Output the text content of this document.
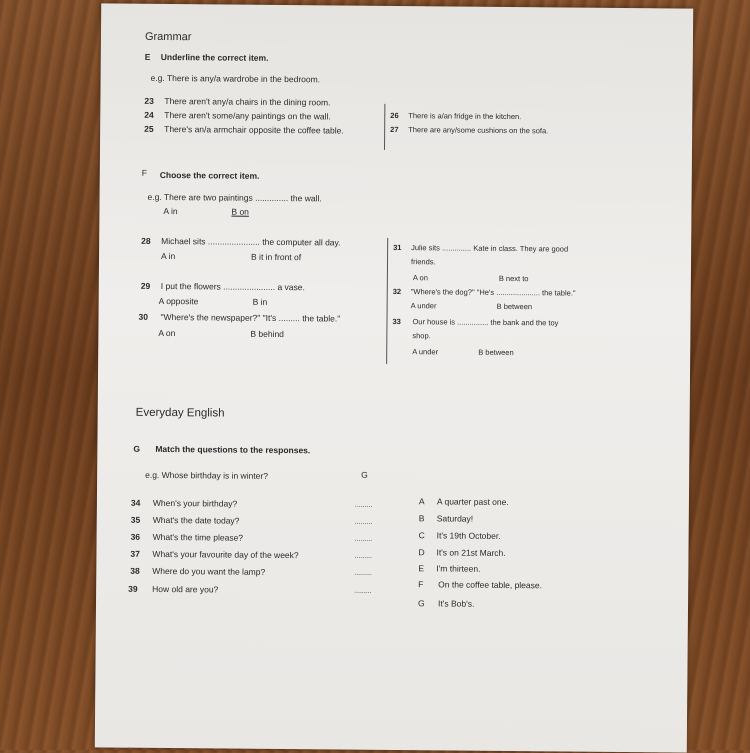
Grammar
E Underline the correct item.
e.g. There is any/a wardrobe in the bedroom.
23 There aren't any/a chairs in the dining room.
24 There aren't some/any paintings on the wall.
25 There's an/a armchair opposite the coffee table.
26 There is a/an fridge in the kitchen.
27 There are any/some cushions on the sofa.
F Choose the correct item.
e.g. There are two paintings .............. the wall.
A in	B on
28 Michael sits ...................... the computer all day.
A in	B it in front of
29 I put the flowers ...................... a vase.
A opposite	B in
30 "Where's the newspaper?" "It's ......... the table."
A on	B behind
31 Julie sits .............. Kate in class. They are good
friends.
A on	B next to
32 "Where's the dog?" "He's ..................... the table."
A under	B between
33 Our house is ............... the bank and the toy
shop.
A under	B between
Everyday English
G Match the questions to the responses.
e.g. Whose birthday is in winter?	G
34 When's your birthday?	.........
35 What's the date today?	.........
36 What's the time please?	.........
37 What's your favourite day of the week?	.........
38 Where do you want the lamp?	.........
39 How old are you?	.........
A A quarter past one.
B Saturday!
C It's 19th October.
D It's on 21st March.
E I'm thirteen.
F On the coffee table, please.
G It's Bob's.
